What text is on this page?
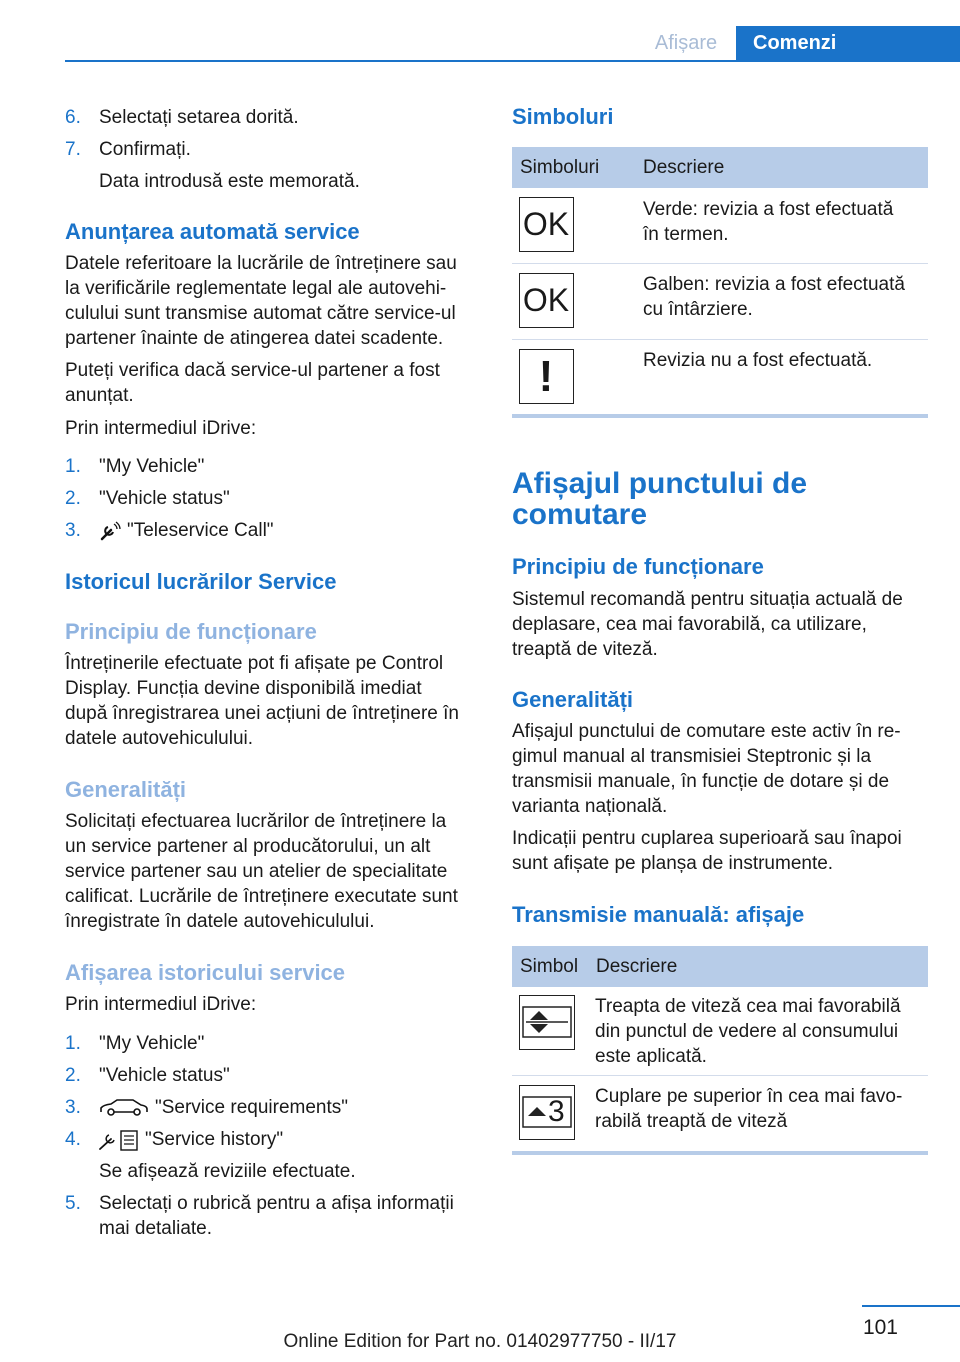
Afișare	Comenzi
6. Selectați setarea dorită.
7. Confirmați.
Data introdusă este memorată.
Anunțarea automată service
Datele referitoare la lucrările de întreținere sau
la verificările reglementate legal ale autovehi‐
culului sunt transmise automat către service-ul
partener înainte de atingerea datei scadente.
Puteți verifica dacă service-ul partener a fost
anunțat.
Prin intermediul iDrive:
1. "My Vehicle"
2. "Vehicle status"
3. "Teleservice Call"
Istoricul lucrărilor Service
Principiu de funcționare
Întreținerile efectuate pot fi afișate pe Control
Display. Funcția devine disponibilă imediat
după înregistrarea unei acțiuni de întreținere în
datele autovehiculului.
Generalități
Solicitați efectuarea lucrărilor de întreținere la
un service partener al producătorului, un alt
service partener sau un atelier de specialitate
calificat. Lucrările de întreținere executate sunt
înregistrate în datele autovehiculului.
Afișarea istoricului service
Prin intermediul iDrive:
1. "My Vehicle"
2. "Vehicle status"
3.	"Service requirements"
4.	"Service history"
Se afișează reviziile efectuate.
5. Selectați o rubrică pentru a afișa informații
mai detaliate.
Simboluri
Simboluri Descriere
OK	Verde: revizia a fost efectuată
în termen.
OK	Galben: revizia a fost efectuată
cu întârziere.
!	Revizia nu a fost efectuată.
Afișajul punctului de
comutare
Principiu de funcționare
Sistemul recomandă pentru situația actuală de
deplasare, cea mai favorabilă, ca utilizare,
treaptă de viteză.
Generalități
Afișajul punctului de comutare este activ în re‐
gimul manual al transmisiei Steptronic și la
transmisii manuale, în funcție de dotare și de
varianta națională.
Indicații pentru cuplarea superioară sau înapoi
sunt afișate pe planșa de instrumente.
Transmisie manuală: afișaje
Simbol Descriere
Treapta de viteză cea mai favorabilă
din punctul de vedere al consumului
este aplicată.
3 Cuplare pe superior în cea mai favo‐
rabilă treaptă de viteză
101
Online Edition for Part no. 01402977750 - II/17
